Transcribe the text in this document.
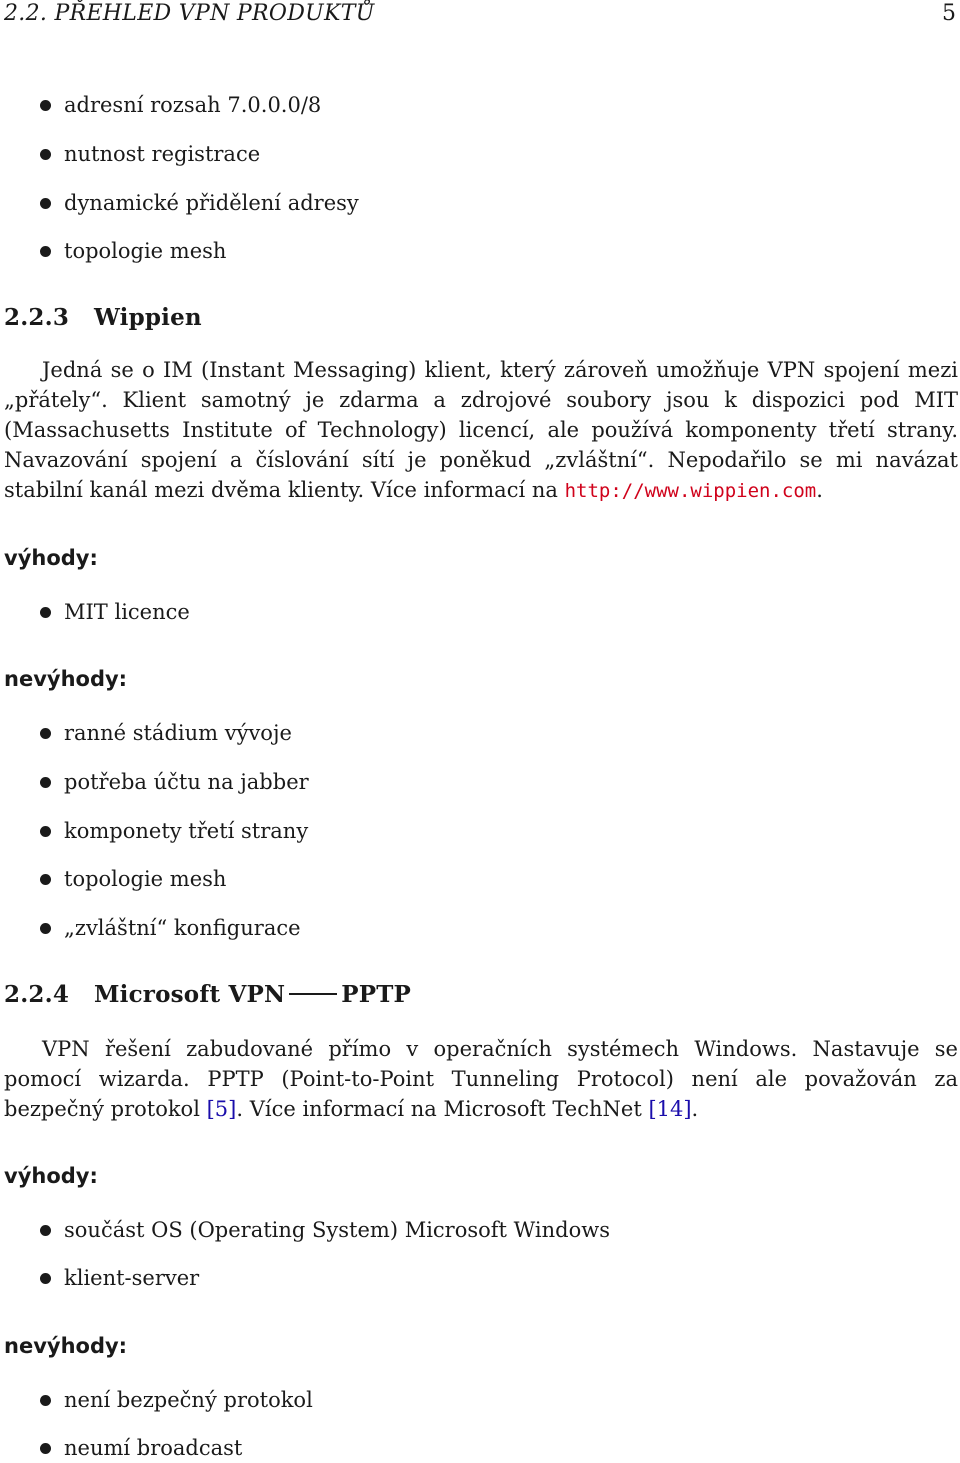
2.2. PŘEHLED VPN PRODUKTŮ	5
adresní rozsah 7.0.0.0/8
nutnost registrace
dynamické přidělení adresy
topologie mesh
2.2.3 Wippien
Jedná se o IM (Instant Messaging) klient, který zároveň umožňuje VPN spojení mezi „přátely“. Klient samotný je zdarma a zdrojové soubory jsou k dispozici pod MIT (Massachusetts Institute of Technology) licencí, ale používá komponenty třetí strany. Navazování spojení a číslování sítí je poněkud „zvláštní“. Nepodařilo se mi navázat stabilní kanál mezi dvěma klienty. Více informací na http://www.wippien.com.
výhody:
MIT licence
nevýhody:
ranné stádium vývoje
potřeba účtu na jabber
komponety třetí strany
topologie mesh
„zvláštní“ konfigurace
2.2.4 Microsoft VPN PPTP
VPN řešení zabudované přímo v operačních systémech Windows. Nastavuje se pomocí wizarda. PPTP (Point-to-Point Tunneling Protocol) není ale považován za bezpečný protokol [5]. Více informací na Microsoft TechNet [14].
výhody:
součást OS (Operating System) Microsoft Windows
klient-server
nevýhody:
není bezpečný protokol
neumí broadcast
